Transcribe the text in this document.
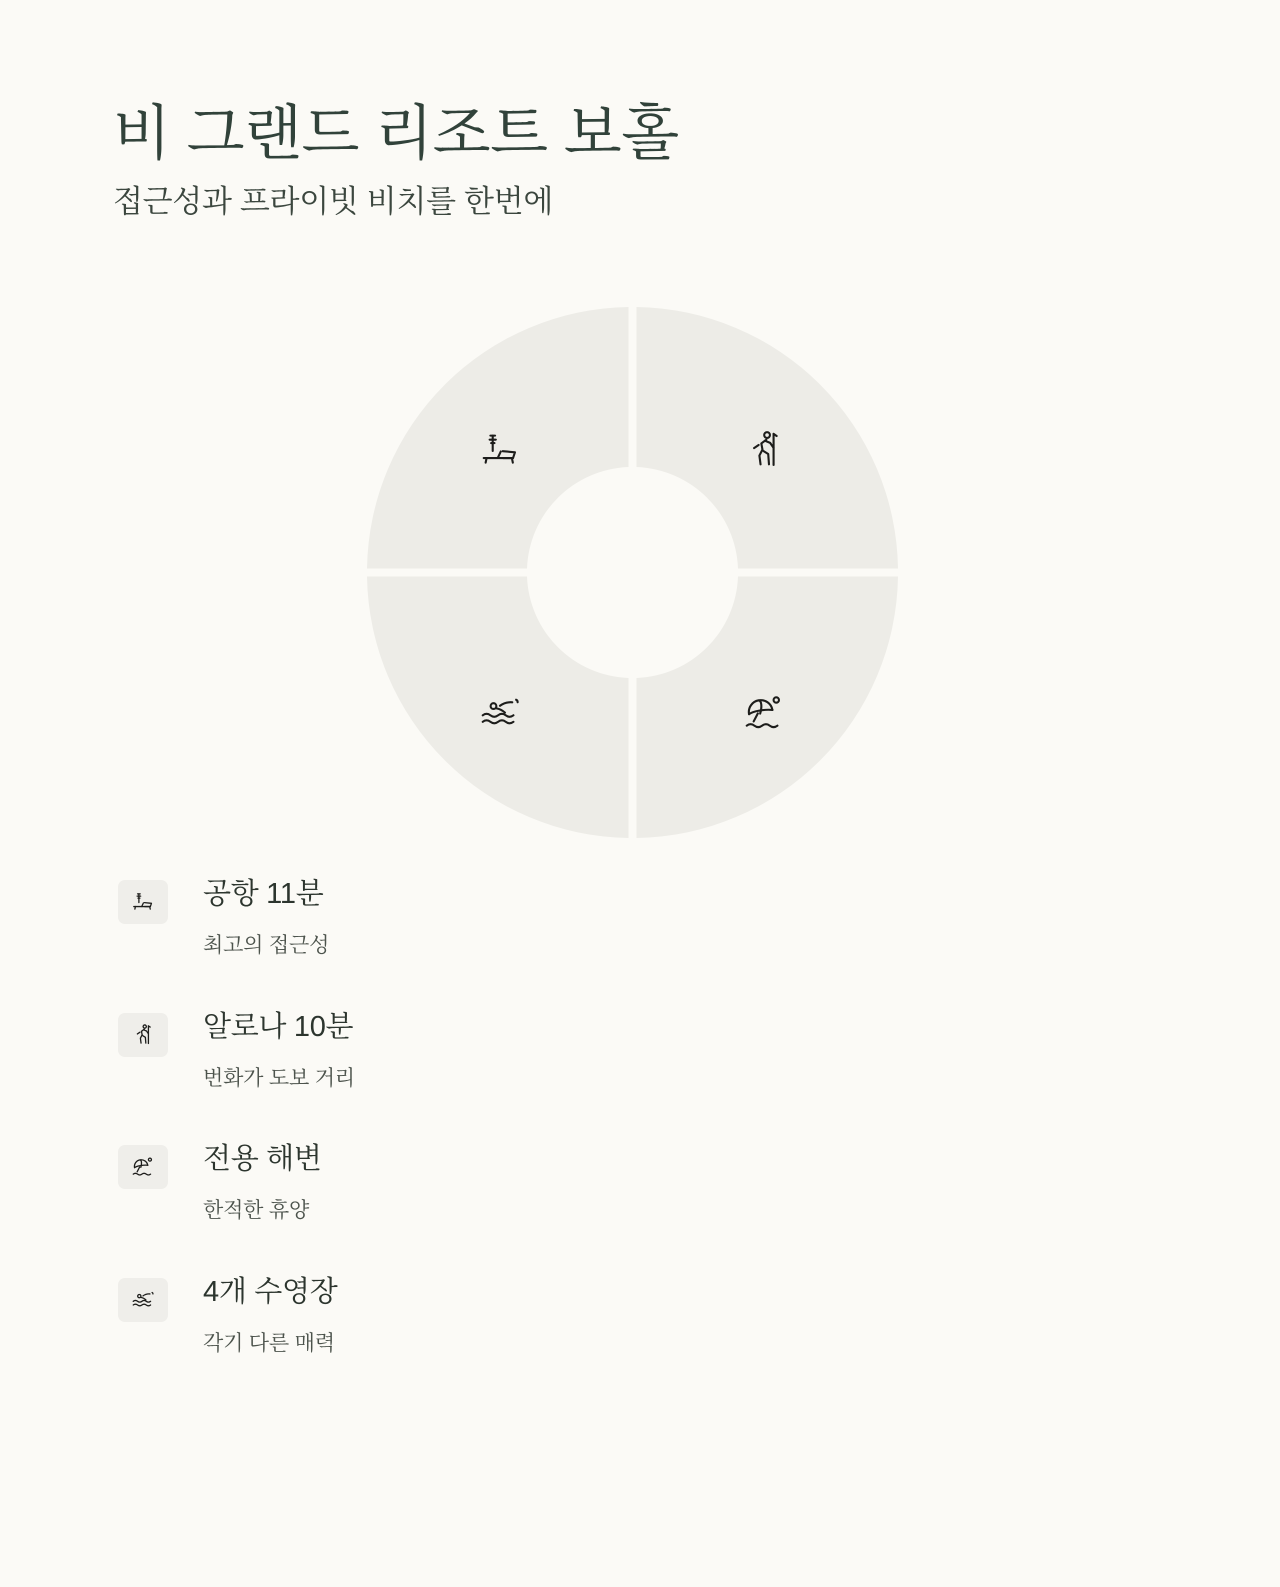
비 그랜드 리조트 보홀

접근성과 프라이빗 비치를 한번에

공항 11분
최고의 접근성
알로나 10분
번화가 도보 거리
전용 해변
한적한 휴양
4개 수영장
각기 다른 매력
